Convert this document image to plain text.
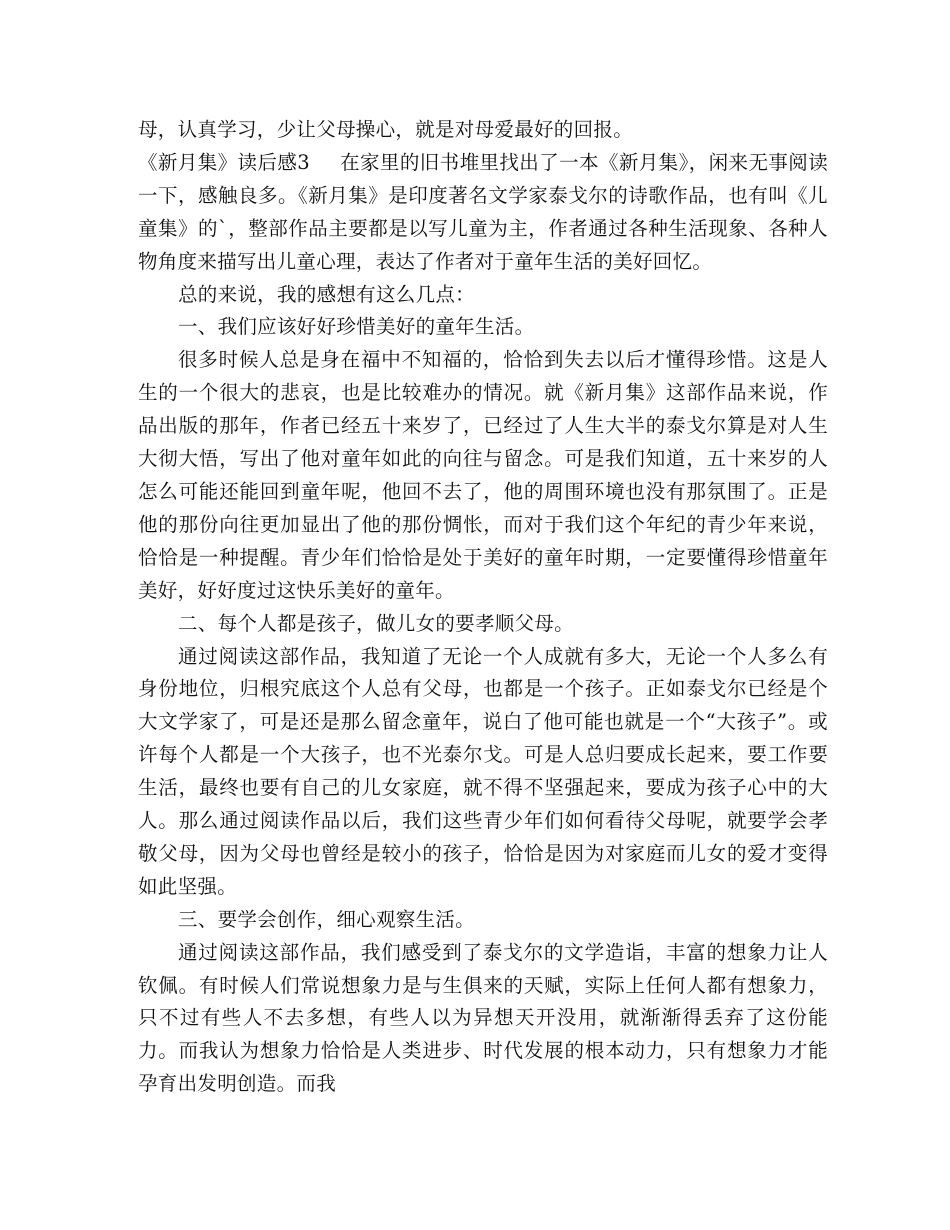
母，认真学习，少让父母操心，就是对母爱最好的回报。

《新月集》读后感3 在家里的旧书堆里找出了一本《新月集》，闲来无事阅读一下，感触良多。《新月集》是印度著名文学家泰戈尔的诗歌作品，也有叫《儿童集》的`，整部作品主要都是以写儿童为主，作者通过各种生活现象、各种人物角度来描写出儿童心理，表达了作者对于童年生活的美好回忆。

总的来说，我的感想有这么几点：

一、我们应该好好珍惜美好的童年生活。

很多时候人总是身在福中不知福的，恰恰到失去以后才懂得珍惜。这是人生的一个很大的悲哀，也是比较难办的情况。就《新月集》这部作品来说，作品出版的那年，作者已经五十来岁了，已经过了人生大半的泰戈尔算是对人生大彻大悟，写出了他对童年如此的向往与留念。可是我们知道，五十来岁的人怎么可能还能回到童年呢，他回不去了，他的周围环境也没有那氛围了。正是他的那份向往更加显出了他的那份惆怅，而对于我们这个年纪的青少年来说，恰恰是一种提醒。青少年们恰恰是处于美好的童年时期，一定要懂得珍惜童年美好，好好度过这快乐美好的童年。

二、每个人都是孩子，做儿女的要孝顺父母。

通过阅读这部作品，我知道了无论一个人成就有多大，无论一个人多么有身份地位，归根究底这个人总有父母，也都是一个孩子。正如泰戈尔已经是个大文学家了，可是还是那么留念童年，说白了他可能也就是一个“大孩子”。或许每个人都是一个大孩子，也不光泰尔戈。可是人总归要成长起来，要工作要生活，最终也要有自己的儿女家庭，就不得不坚强起来，要成为孩子心中的大人。那么通过阅读作品以后，我们这些青少年们如何看待父母呢，就要学会孝敬父母，因为父母也曾经是较小的孩子，恰恰是因为对家庭而儿女的爱才变得如此坚强。

三、要学会创作，细心观察生活。

通过阅读这部作品，我们感受到了泰戈尔的文学造诣，丰富的想象力让人钦佩。有时候人们常说想象力是与生俱来的天赋，实际上任何人都有想象力，只不过有些人不去多想，有些人以为异想天开没用，就渐渐得丢弃了这份能力。而我认为想象力恰恰是人类进步、时代发展的根本动力，只有想象力才能孕育出发明创造。而我
